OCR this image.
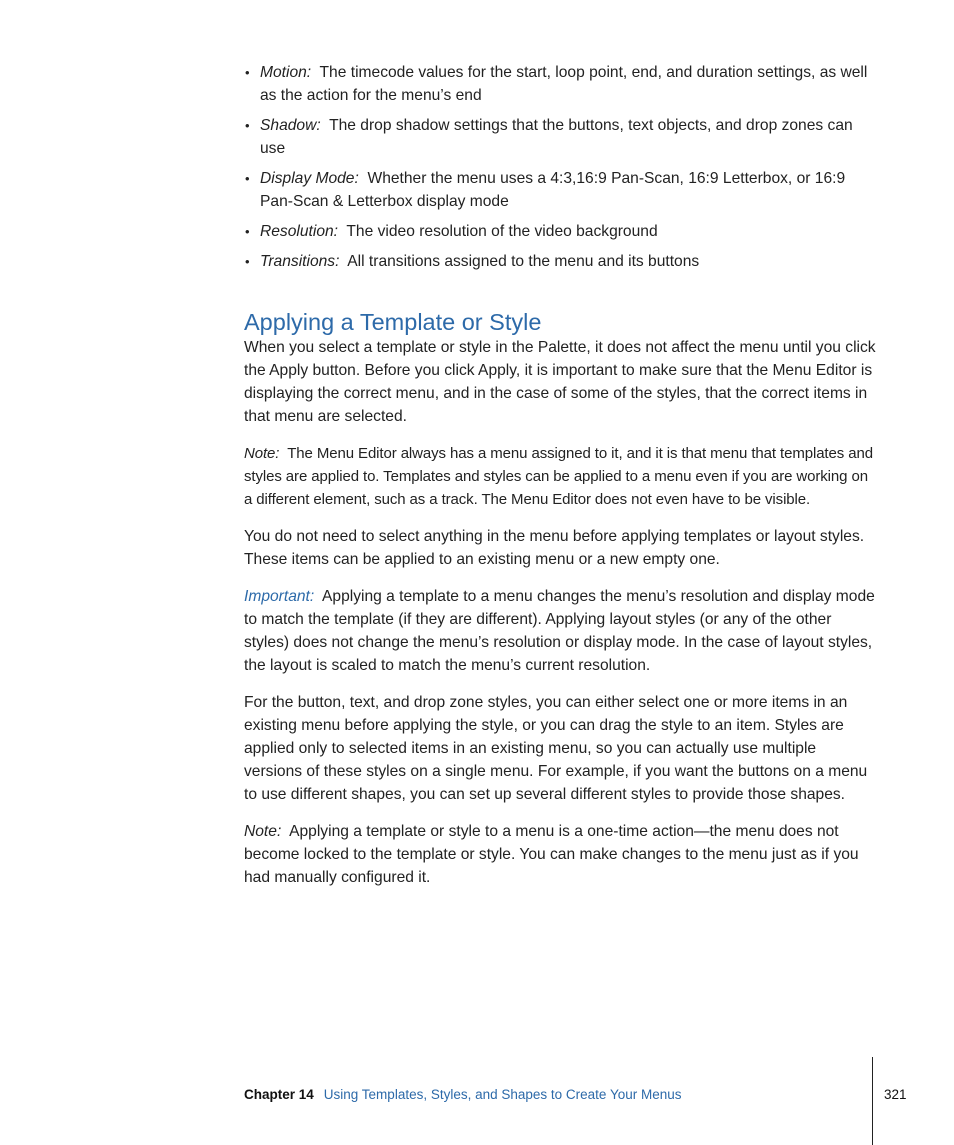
• Motion: The timecode values for the start, loop point, end, and duration settings, as well as the action for the menu’s end
• Shadow: The drop shadow settings that the buttons, text objects, and drop zones can use
• Display Mode: Whether the menu uses a 4:3,16:9 Pan-Scan, 16:9 Letterbox, or 16:9 Pan-Scan & Letterbox display mode
• Resolution: The video resolution of the video background
• Transitions: All transitions assigned to the menu and its buttons
Applying a Template or Style

When you select a template or style in the Palette, it does not affect the menu until you click the Apply button. Before you click Apply, it is important to make sure that the Menu Editor is displaying the correct menu, and in the case of some of the styles, that the correct items in that menu are selected.

Note: The Menu Editor always has a menu assigned to it, and it is that menu that templates and styles are applied to. Templates and styles can be applied to a menu even if you are working on a different element, such as a track. The Menu Editor does not even have to be visible.

You do not need to select anything in the menu before applying templates or layout styles. These items can be applied to an existing menu or a new empty one.

Important: Applying a template to a menu changes the menu’s resolution and display mode to match the template (if they are different). Applying layout styles (or any of the other styles) does not change the menu’s resolution or display mode. In the case of layout styles, the layout is scaled to match the menu’s current resolution.

For the button, text, and drop zone styles, you can either select one or more items in an existing menu before applying the style, or you can drag the style to an item. Styles are applied only to selected items in an existing menu, so you can actually use multiple versions of these styles on a single menu. For example, if you want the buttons on a menu to use different shapes, you can set up several different styles to provide those shapes.

Note: Applying a template or style to a menu is a one-time action—the menu does not become locked to the template or style. You can make changes to the menu just as if you had manually configured it.

Chapter 14 Using Templates, Styles, and Shapes to Create Your Menus	321
